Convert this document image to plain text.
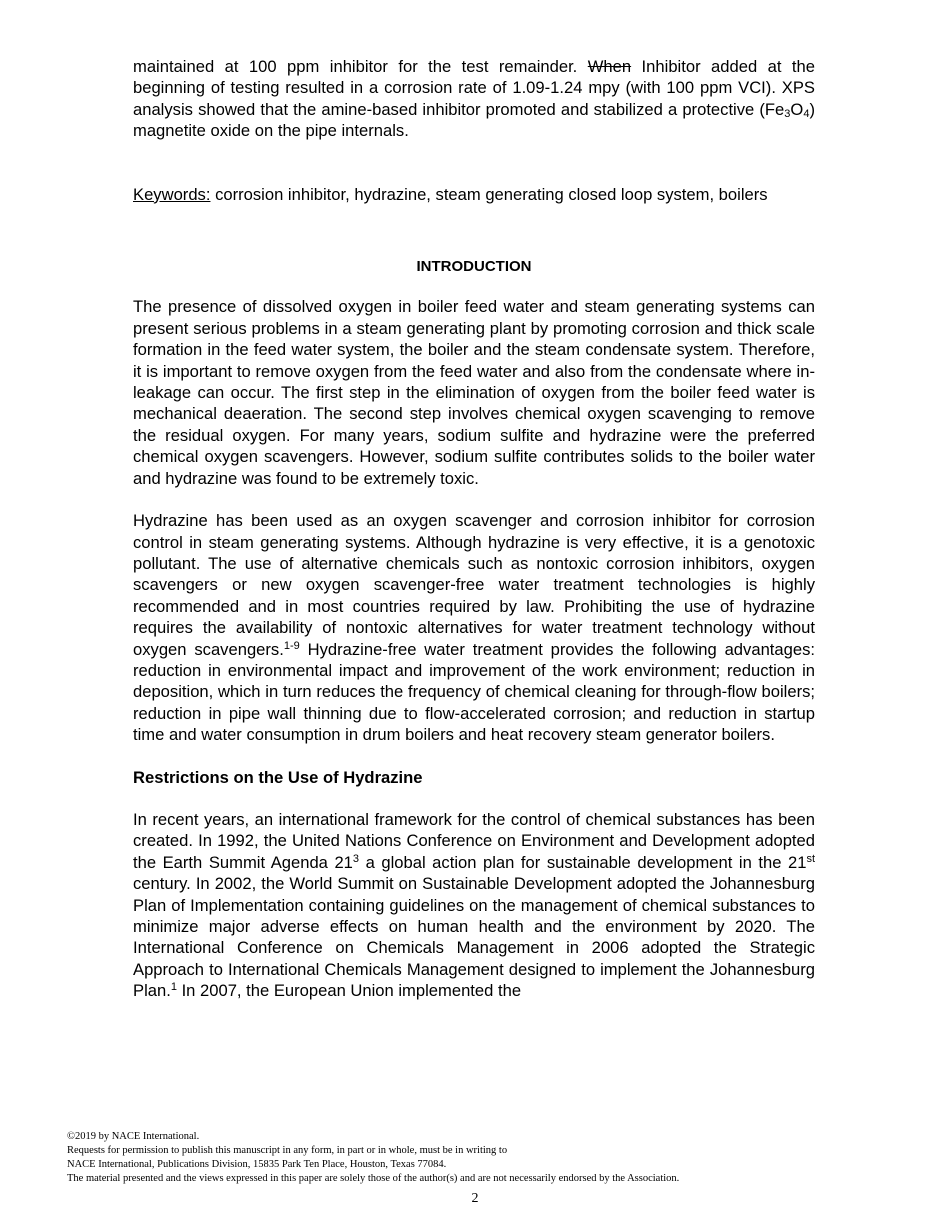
maintained at 100 ppm inhibitor for the test remainder. When Inhibitor added at the beginning of testing resulted in a corrosion rate of 1.09-1.24 mpy (with 100 ppm VCI). XPS analysis showed that the amine-based inhibitor promoted and stabilized a protective $(Fe_3O_4)$ magnetite oxide on the pipe internals.

Keywords: corrosion inhibitor, hydrazine, steam generating closed loop system, boilers

INTRODUCTION

The presence of dissolved oxygen in boiler feed water and steam generating systems can present serious problems in a steam generating plant by promoting corrosion and thick scale formation in the feed water system, the boiler and the steam condensate system. Therefore, it is important to remove oxygen from the feed water and also from the condensate where in-leakage can occur. The first step in the elimination of oxygen from the boiler feed water is mechanical deaeration. The second step involves chemical oxygen scavenging to remove the residual oxygen. For many years, sodium sulfite and hydrazine were the preferred chemical oxygen scavengers. However, sodium sulfite contributes solids to the boiler water and hydrazine was found to be extremely toxic.

Hydrazine has been used as an oxygen scavenger and corrosion inhibitor for corrosion control in steam generating systems. Although hydrazine is very effective, it is a genotoxic pollutant. The use of alternative chemicals such as nontoxic corrosion inhibitors, oxygen scavengers or new oxygen scavenger-free water treatment technologies is highly recommended and in most countries required by law. Prohibiting the use of hydrazine requires the availability of nontoxic alternatives for water treatment technology without oxygen scavengers.$^{1-9}$ Hydrazine-free water treatment provides the following advantages: reduction in environmental impact and improvement of the work environment; reduction in deposition, which in turn reduces the frequency of chemical cleaning for through-flow boilers; reduction in pipe wall thinning due to flow-accelerated corrosion; and reduction in startup time and water consumption in drum boilers and heat recovery steam generator boilers.

Restrictions on the Use of Hydrazine

In recent years, an international framework for the control of chemical substances has been created. In 1992, the United Nations Conference on Environment and Development adopted the Earth Summit Agenda $21^3$ a global action plan for sustainable development in the 21st century. In 2002, the World Summit on Sustainable Development adopted the Johannesburg Plan of Implementation containing guidelines on the management of chemical substances to minimize major adverse effects on human health and the environment by 2020. The International Conference on Chemicals Management in 2006 adopted the Strategic Approach to International Chemicals Management designed to implement the Johannesburg Plan.$^1$ In 2007, the European Union implemented the

©2019 by NACE International.
Requests for permission to publish this manuscript in any form, in part or in whole, must be in writing to
NACE International, Publications Division, 15835 Park Ten Place, Houston, Texas 77084.
The material presented and the views expressed in this paper are solely those of the author(s) and are not necessarily endorsed by the Association.
2
